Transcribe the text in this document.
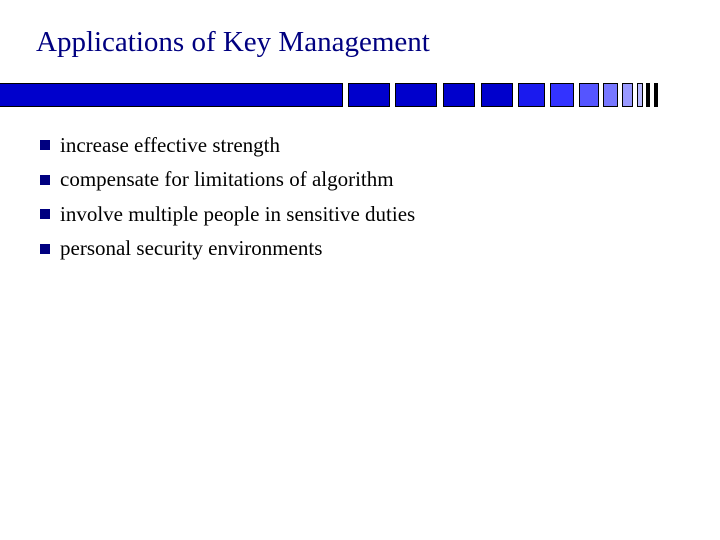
Applications of Key Management
increase effective strength
compensate for limitations of algorithm
involve multiple people in sensitive duties
personal security environments
